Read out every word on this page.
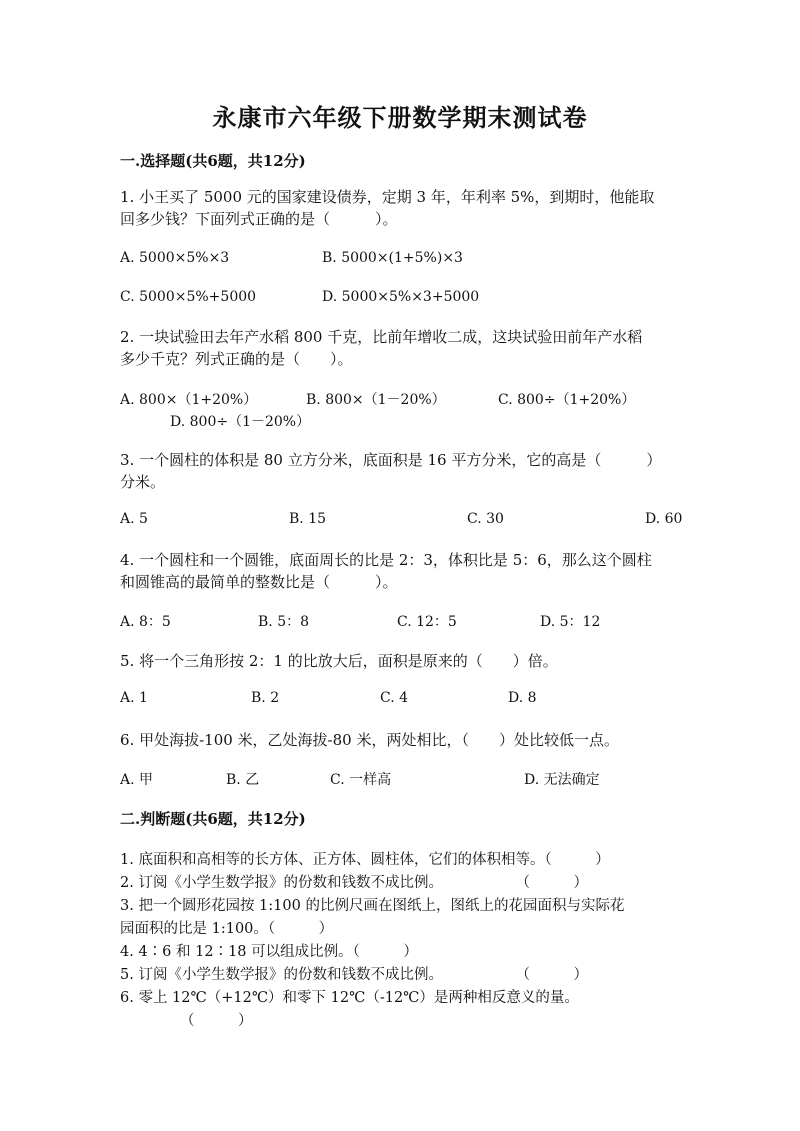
永康市六年级下册数学期末测试卷
一.选择题(共6题，共12分)
1. 小王买了 5000 元的国家建设债券，定期 3 年，年利率 5%，到期时，他能取
回多少钱？下面列式正确的是（　　　）。
A. 5000×5%×3	B. 5000×(1+5%)×3
C. 5000×5%+5000	D. 5000×5%×3+5000
2. 一块试验田去年产水稻 800 千克，比前年增收二成，这块试验田前年产水稻
多少千克？列式正确的是（　　）。
A. 800×（1+20%）	B. 800×（1－20%）	C. 800÷（1+20%）
D. 800÷（1－20%）
3. 一个圆柱的体积是 80 立方分米，底面积是 16 平方分米，它的高是（　　　）
分米。
A. 5	B. 15	C. 30	D. 60
4. 一个圆柱和一个圆锥，底面周长的比是 2：3，体积比是 5：6，那么这个圆柱
和圆锥高的最简单的整数比是（　　　）。
A. 8：5	B. 5：8	C. 12：5	D. 5：12
5. 将一个三角形按 2：1 的比放大后，面积是原来的（　　）倍。
A. 1	B. 2	C. 4	D. 8
6. 甲处海拔-100 米，乙处海拔-80 米，两处相比，（　　）处比较低一点。
A. 甲	B. 乙	C. 一样高	D. 无法确定
二.判断题(共6题，共12分)
1. 底面积和高相等的长方体、正方体、圆柱体，它们的体积相等。（　　　）
2. 订阅《小学生数学报》的份数和钱数不成比例。　　　　　　（　　　）
3. 把一个圆形花园按 1:100 的比例尺画在图纸上，图纸上的花园面积与实际花
园面积的比是 1:100。（　　　）
4. 4∶6 和 12∶18 可以组成比例。（　　　）
5. 订阅《小学生数学报》的份数和钱数不成比例。　　　　　　（　　　）
6. 零上 12℃（+12℃）和零下 12℃（-12℃）是两种相反意义的量。
（　　　）
